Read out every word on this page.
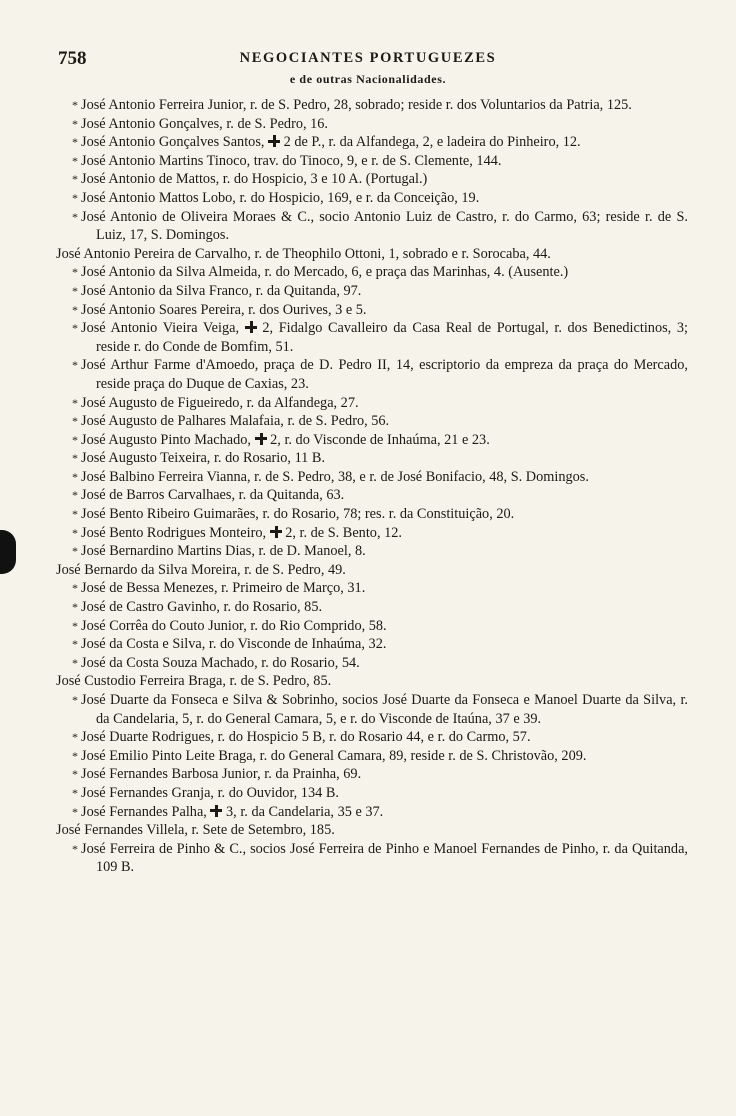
758	NEGOCIANTES PORTUGUEZES
e de outras Nacionalidades.
* José Antonio Ferreira Junior, r. de S. Pedro, 28, sobrado; reside r. dos Voluntarios da Patria, 125.
* José Antonio Gonçalves, r. de S. Pedro, 16.
* José Antonio Gonçalves Santos, 2 de P., r. da Alfandega, 2, e ladeira do Pinheiro, 12.
* José Antonio Martins Tinoco, trav. do Tinoco, 9, e r. de S. Clemente, 144.
* José Antonio de Mattos, r. do Hospicio, 3 e 10 A. (Portugal.)
* José Antonio Mattos Lobo, r. do Hospicio, 169, e r. da Conceição, 19.
* José Antonio de Oliveira Moraes & C., socio Antonio Luiz de Castro, r. do Carmo, 63; reside r. de S. Luiz, 17, S. Domingos.
José Antonio Pereira de Carvalho, r. de Theophilo Ottoni, 1, sobrado e r. Sorocaba, 44.
* José Antonio da Silva Almeida, r. do Mercado, 6, e praça das Marinhas, 4. (Ausente.)
* José Antonio da Silva Franco, r. da Quitanda, 97.
* José Antonio Soares Pereira, r. dos Ourives, 3 e 5.
* José Antonio Vieira Veiga, 2, Fidalgo Cavalleiro da Casa Real de Portugal, r. dos Benedictinos, 3; reside r. do Conde de Bomfim, 51.
* José Arthur Farme d'Amoedo, praça de D. Pedro II, 14, escriptorio da empreza da praça do Mercado, reside praça do Duque de Caxias, 23.
* José Augusto de Figueiredo, r. da Alfandega, 27.
* José Augusto de Palhares Malafaia, r. de S. Pedro, 56.
* José Augusto Pinto Machado, 2, r. do Visconde de Inhaúma, 21 e 23.
* José Augusto Teixeira, r. do Rosario, 11 B.
* José Balbino Ferreira Vianna, r. de S. Pedro, 38, e r. de José Bonifacio, 48, S. Domingos.
* José de Barros Carvalhaes, r. da Quitanda, 63.
* José Bento Ribeiro Guimarães, r. do Rosario, 78; res. r. da Constituição, 20.
* José Bento Rodrigues Monteiro, 2, r. de S. Bento, 12.
* José Bernardino Martins Dias, r. de D. Manoel, 8.
José Bernardo da Silva Moreira, r. de S. Pedro, 49.
* José de Bessa Menezes, r. Primeiro de Março, 31.
* José de Castro Gavinho, r. do Rosario, 85.
* José Corrêa do Couto Junior, r. do Rio Comprido, 58.
* José da Costa e Silva, r. do Visconde de Inhaúma, 32.
* José da Costa Souza Machado, r. do Rosario, 54.
José Custodio Ferreira Braga, r. de S. Pedro, 85.
* José Duarte da Fonseca e Silva & Sobrinho, socios José Duarte da Fonseca e Manoel Duarte da Silva, r. da Candelaria, 5, r. do General Camara, 5, e r. do Visconde de Itaúna, 37 e 39.
* José Duarte Rodrigues, r. do Hospicio 5 B, r. do Rosario 44, e r. do Carmo, 57.
* José Emilio Pinto Leite Braga, r. do General Camara, 89, reside r. de S. Christovão, 209.
* José Fernandes Barbosa Junior, r. da Prainha, 69.
* José Fernandes Granja, r. do Ouvidor, 134 B.
* José Fernandes Palha, 3, r. da Candelaria, 35 e 37.
José Fernandes Villela, r. Sete de Setembro, 185.
* José Ferreira de Pinho & C., socios José Ferreira de Pinho e Manoel Fernandes de Pinho, r. da Quitanda, 109 B.
